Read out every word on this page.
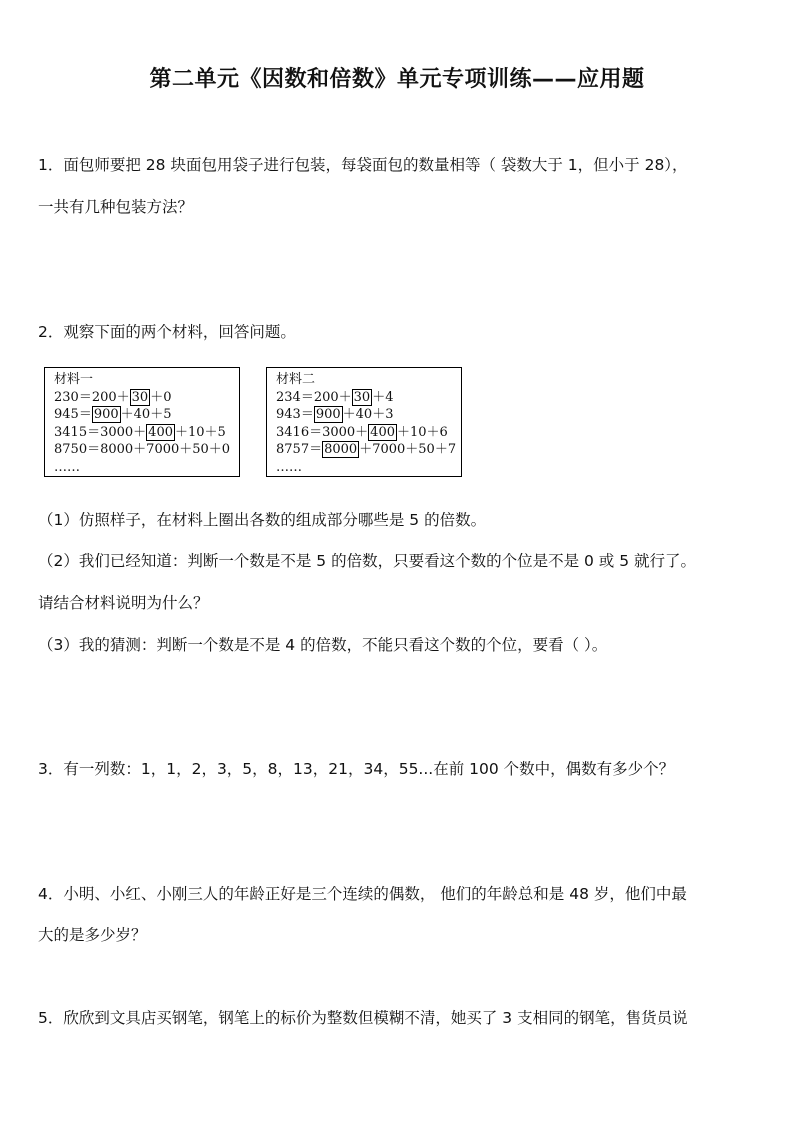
第二单元《因数和倍数》单元专项训练——应用题
1．面包师要把 28 块面包用袋子进行包装，每袋面包的数量相等（ 袋数大于 1，但小于 28），
一共有几种包装方法？
2．观察下面的两个材料，回答问题。
材料一
230＝200＋ 30 ＋0
945＝ 900 ＋40＋5
3415＝3000＋ 400 ＋10＋5
8750＝8000＋7000＋50＋0
……
材料二
234＝200＋ 30 ＋4
943＝ 900 ＋40＋3
3416＝3000＋ 400 ＋10＋6
8757＝ 8000 ＋7000＋50＋7
……
（1）仿照样子，在材料上圈出各数的组成部分哪些是 5 的倍数。
（2）我们已经知道：判断一个数是不是 5 的倍数，只要看这个数的个位是不是 0 或 5 就行了。
请结合材料说明为什么？
（3）我的猜测：判断一个数是不是 4 的倍数，不能只看这个数的个位，要看（ ）。
3．有一列数：1，1，2，3，5，8，13，21，34，55...在前 100 个数中，偶数有多少个？
4．小明、小红、小刚三人的年龄正好是三个连续的偶数， 他们的年龄总和是 48 岁，他们中最
大的是多少岁？
5．欣欣到文具店买钢笔，钢笔上的标价为整数但模糊不清，她买了 3 支相同的钢笔，售货员说
